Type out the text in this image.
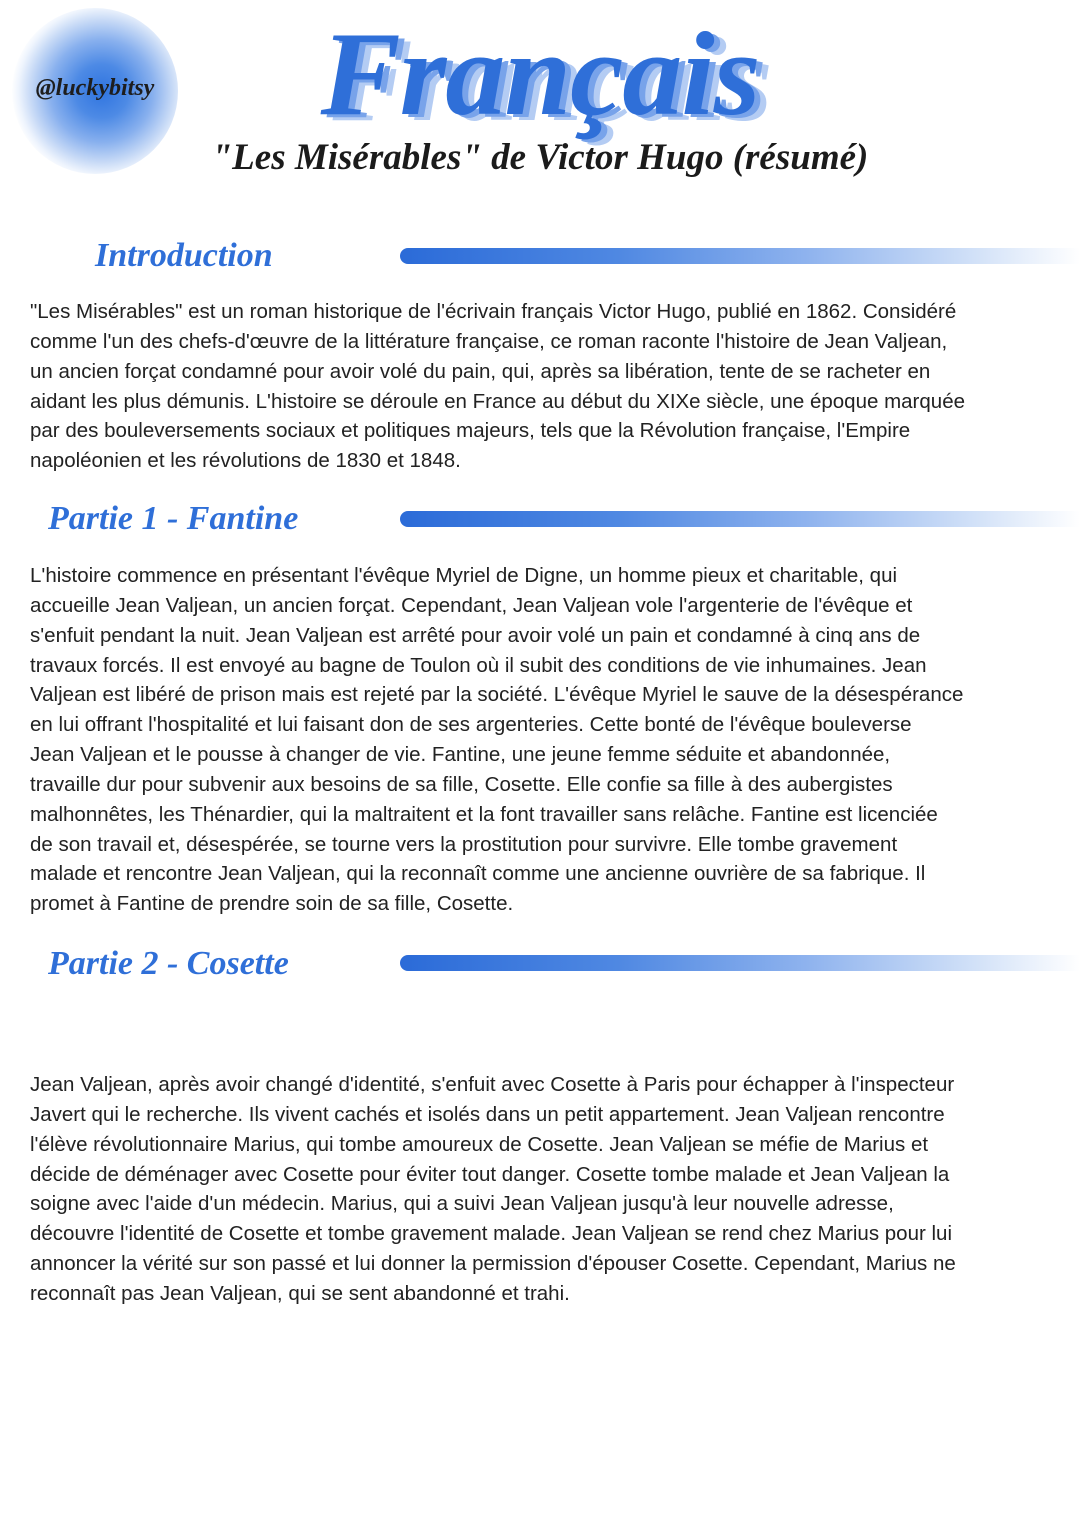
@luckybitsy	Français
"Les Misérables" de Victor Hugo (résumé)
Introduction
"Les Misérables" est un roman historique de l'écrivain français Victor Hugo, publié en 1862. Considéré
comme l'un des chefs-d'œuvre de la littérature française, ce roman raconte l'histoire de Jean Valjean,
un ancien forçat condamné pour avoir volé du pain, qui, après sa libération, tente de se racheter en
aidant les plus démunis. L'histoire se déroule en France au début du XIXe siècle, une époque marquée
par des bouleversements sociaux et politiques majeurs, tels que la Révolution française, l'Empire
napoléonien et les révolutions de 1830 et 1848.
Partie 1 - Fantine
L'histoire commence en présentant l'évêque Myriel de Digne, un homme pieux et charitable, qui
accueille Jean Valjean, un ancien forçat. Cependant, Jean Valjean vole l'argenterie de l'évêque et
s'enfuit pendant la nuit. Jean Valjean est arrêté pour avoir volé un pain et condamné à cinq ans de
travaux forcés. Il est envoyé au bagne de Toulon où il subit des conditions de vie inhumaines. Jean
Valjean est libéré de prison mais est rejeté par la société. L'évêque Myriel le sauve de la désespérance
en lui offrant l'hospitalité et lui faisant don de ses argenteries. Cette bonté de l'évêque bouleverse
Jean Valjean et le pousse à changer de vie. Fantine, une jeune femme séduite et abandonnée,
travaille dur pour subvenir aux besoins de sa fille, Cosette. Elle confie sa fille à des aubergistes
malhonnêtes, les Thénardier, qui la maltraitent et la font travailler sans relâche. Fantine est licenciée
de son travail et, désespérée, se tourne vers la prostitution pour survivre. Elle tombe gravement
malade et rencontre Jean Valjean, qui la reconnaît comme une ancienne ouvrière de sa fabrique. Il
promet à Fantine de prendre soin de sa fille, Cosette.
Partie 2 - Cosette
Jean Valjean, après avoir changé d'identité, s'enfuit avec Cosette à Paris pour échapper à l'inspecteur
Javert qui le recherche. Ils vivent cachés et isolés dans un petit appartement. Jean Valjean rencontre
l'élève révolutionnaire Marius, qui tombe amoureux de Cosette. Jean Valjean se méfie de Marius et
décide de déménager avec Cosette pour éviter tout danger. Cosette tombe malade et Jean Valjean la
soigne avec l'aide d'un médecin. Marius, qui a suivi Jean Valjean jusqu'à leur nouvelle adresse,
découvre l'identité de Cosette et tombe gravement malade. Jean Valjean se rend chez Marius pour lui
annoncer la vérité sur son passé et lui donner la permission d'épouser Cosette. Cependant, Marius ne
reconnaît pas Jean Valjean, qui se sent abandonné et trahi.
